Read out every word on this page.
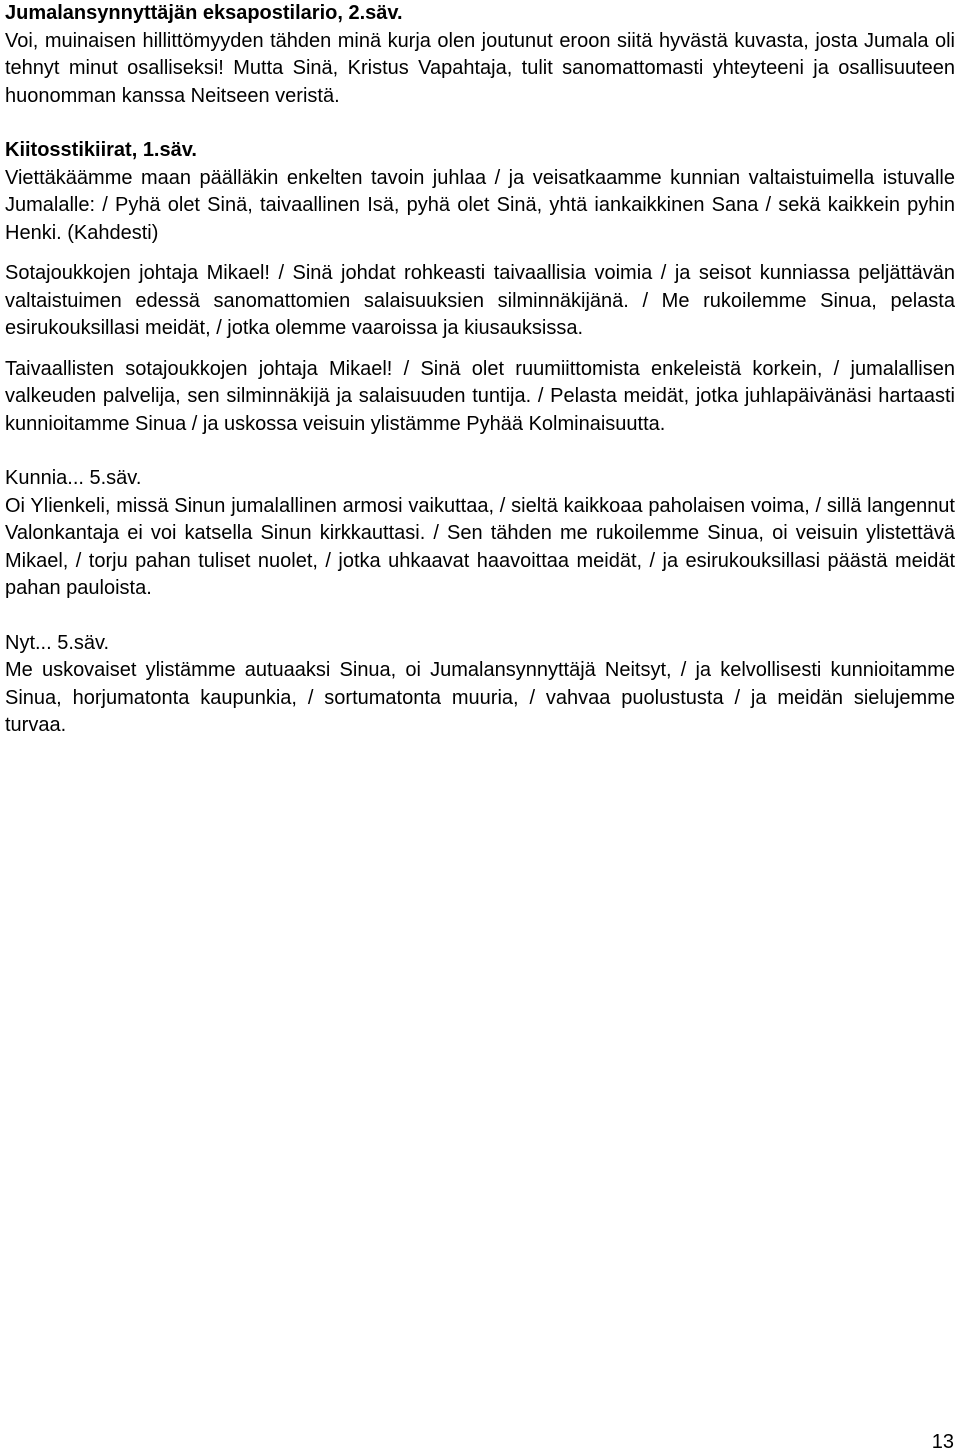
Jumalansynnyttäjän eksapostilario, 2.säv.

Voi, muinaisen hillittömyyden tähden minä kurja olen joutunut eroon siitä hyvästä kuvasta, josta Jumala oli tehnyt minut osalliseksi! Mutta Sinä, Kristus Vapahtaja, tulit sanomattomasti yhteyteeni ja osallisuuteen huonomman kanssa Neitseen veristä.

Kiitosstikiirat, 1.säv.

Viettäkäämme maan päälläkin enkelten tavoin juhlaa / ja veisatkaamme kunnian valtaistuimella istuvalle Jumalalle: / Pyhä olet Sinä, taivaallinen Isä, pyhä olet Sinä, yhtä iankaikkinen Sana / sekä kaikkein pyhin Henki. (Kahdesti)

Sotajoukkojen johtaja Mikael! / Sinä johdat rohkeasti taivaallisia voimia / ja seisot kunniassa peljättävän valtaistuimen edessä sanomattomien salaisuuksien silminnäkijänä. / Me rukoilemme Sinua, pelasta esirukouksillasi meidät, / jotka olemme vaaroissa ja kiusauksissa.

Taivaallisten sotajoukkojen johtaja Mikael! / Sinä olet ruumiittomista enkeleistä korkein, / jumalallisen valkeuden palvelija, sen silminnäkijä ja salaisuuden tuntija. / Pelasta meidät, jotka juhlapäivänäsi hartaasti kunnioitamme Sinua / ja uskossa veisuin ylistämme Pyhää Kolminaisuutta.

Kunnia... 5.säv.

Oi Ylienkeli, missä Sinun jumalallinen armosi vaikuttaa, / sieltä kaikkoaa paholaisen voima, / sillä langennut Valonkantaja ei voi katsella Sinun kirkkauttasi. / Sen tähden me rukoilemme Sinua, oi veisuin ylistettävä Mikael, / torju pahan tuliset nuolet, / jotka uhkaavat haavoittaa meidät, / ja esirukouksillasi päästä meidät pahan pauloista.

Nyt... 5.säv.

Me uskovaiset ylistämme autuaaksi Sinua, oi Jumalansynnyttäjä Neitsyt, / ja kelvollisesti kunnioitamme Sinua, horjumatonta kaupunkia, / sortumatonta muuria, / vahvaa puolustusta / ja meidän sielujemme turvaa.

13
